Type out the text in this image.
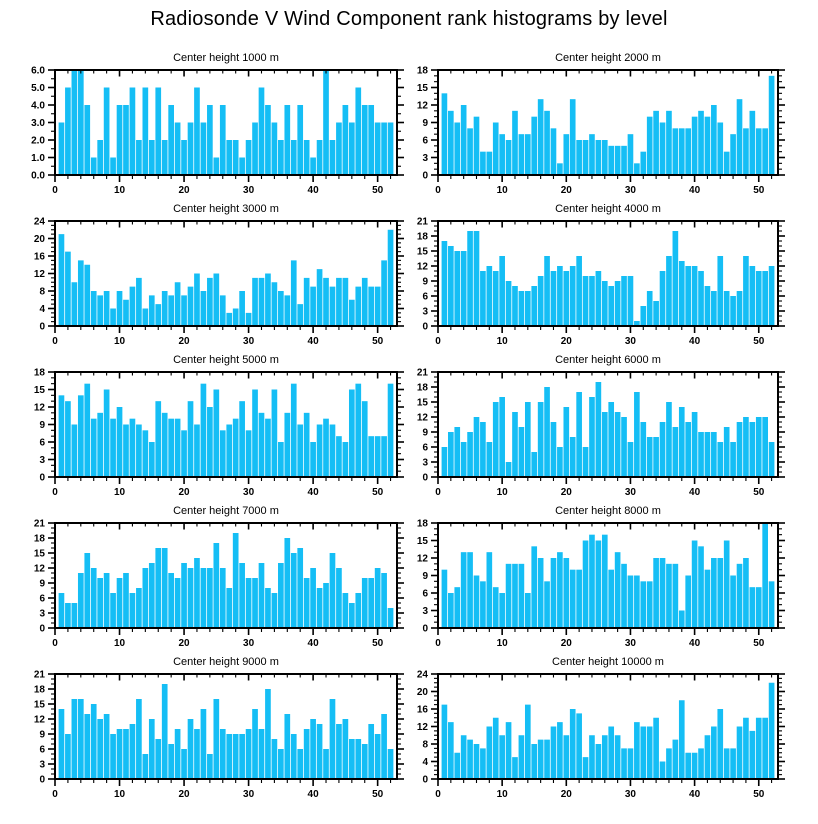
Radiosonde V Wind Component rank histograms by level
Center height 1000 m
0	10	20	30	40	50
0.0
1.0
2.0
3.0
4.0
5.0
6.0
Center height 2000 m
0	10	20	30	40	50
0
3
6
9
12
15
18
Center height 3000 m
0	10	20	30	40	50
0
4
8
12
16
20
24
Center height 4000 m
0	10	20	30	40	50
0
3
6
9
12
15
18
21
Center height 5000 m
0	10	20	30	40	50
0
3
6
9
12
15
18
Center height 6000 m
0	10	20	30	40	50
0
3
6
9
12
15
18
21
Center height 7000 m
0	10	20	30	40	50
0
3
6
9
12
15
18
21
Center height 8000 m
0	10	20	30	40	50
0
3
6
9
12
15
18
Center height 9000 m
0	10	20	30	40	50
0
3
6
9
12
15
18
21
Center height 10000 m
0	10	20	30	40	50
0
4
8
12
16
20
24
